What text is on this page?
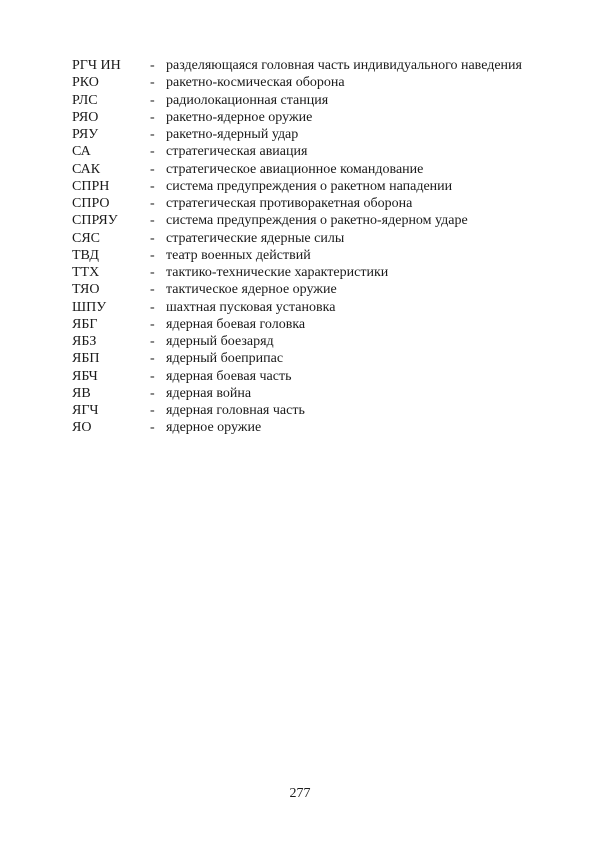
РГЧ ИН	- разделяющаяся головная часть индивидуального наведения
РКО	- ракетно-космическая оборона
РЛС	- радиолокационная станция
РЯО	- ракетно-ядерное оружие
РЯУ	- ракетно-ядерный удар
СА	- стратегическая авиация
САК	- стратегическое авиационное командование
СПРН	- система предупреждения о ракетном нападении
СПРО	- стратегическая противоракетная оборона
СПРЯУ	- система предупреждения о ракетно-ядерном ударе
СЯС	- стратегические ядерные силы
ТВД	- театр военных действий
ТТХ	- тактико-технические характеристики
ТЯО	- тактическое ядерное оружие
ШПУ	- шахтная пусковая установка
ЯБГ	- ядерная боевая головка
ЯБЗ	- ядерный боезаряд
ЯБП	- ядерный боеприпас
ЯБЧ	- ядерная боевая часть
ЯВ	- ядерная война
ЯГЧ	- ядерная головная часть
ЯО	- ядерное оружие
277
